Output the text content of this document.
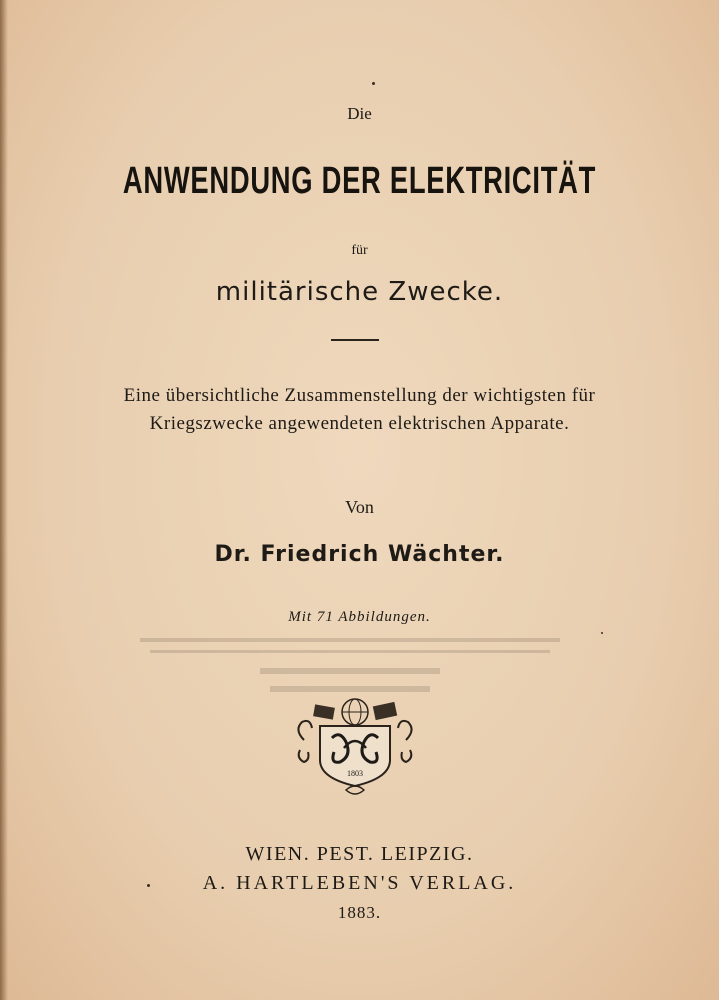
Die
ANWENDUNG DER ELEKTRICITÄT
für
militärische Zwecke.
Eine übersichtliche Zusammenstellung der wichtigsten für
Kriegszwecke angewendeten elektrischen Apparate.
Von
Dr. Friedrich Wächter.
Mit 71 Abbildungen.
1803
WIEN. PEST. LEIPZIG.
A. HARTLEBEN'S VERLAG.
1883.
